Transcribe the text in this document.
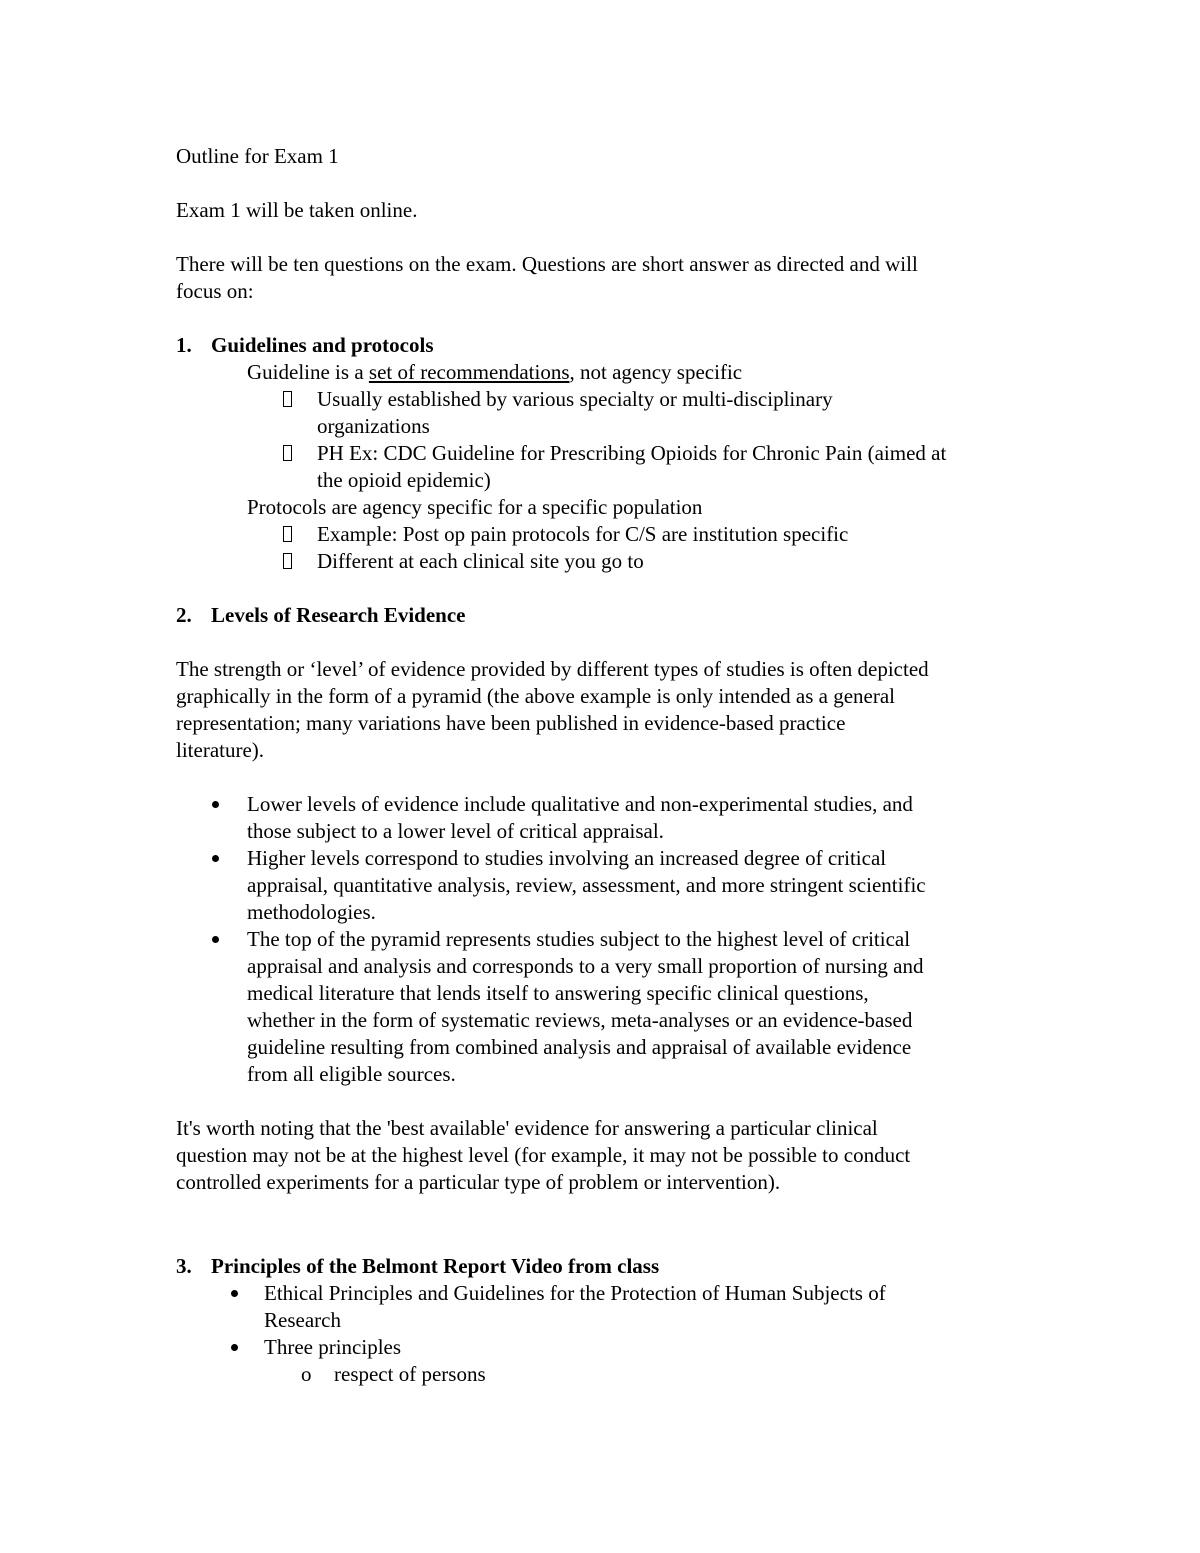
Outline for Exam 1
Exam 1 will be taken online.
There will be ten questions on the exam. Questions are short answer as directed and will
focus on:
1. Guidelines and protocols
Guideline is a set of recommendations, not agency specific
Usually established by various specialty or multi-disciplinary
organizations
PH Ex: CDC Guideline for Prescribing Opioids for Chronic Pain (aimed at
the opioid epidemic)
Protocols are agency specific for a specific population
Example: Post op pain protocols for C/S are institution specific
Different at each clinical site you go to
2. Levels of Research Evidence
The strength or ‘level’ of evidence provided by different types of studies is often depicted
graphically in the form of a pyramid (the above example is only intended as a general
representation; many variations have been published in evidence-based practice
literature).
Lower levels of evidence include qualitative and non-experimental studies, and
those subject to a lower level of critical appraisal.
Higher levels correspond to studies involving an increased degree of critical
appraisal, quantitative analysis, review, assessment, and more stringent scientific
methodologies.
The top of the pyramid represents studies subject to the highest level of critical
appraisal and analysis and corresponds to a very small proportion of nursing and
medical literature that lends itself to answering specific clinical questions,
whether in the form of systematic reviews, meta-analyses or an evidence-based
guideline resulting from combined analysis and appraisal of available evidence
from all eligible sources.
It's worth noting that the 'best available' evidence for answering a particular clinical
question may not be at the highest level (for example, it may not be possible to conduct
controlled experiments for a particular type of problem or intervention).
3. Principles of the Belmont Report Video from class
Ethical Principles and Guidelines for the Protection of Human Subjects of
Research
Three principles
o respect of persons
